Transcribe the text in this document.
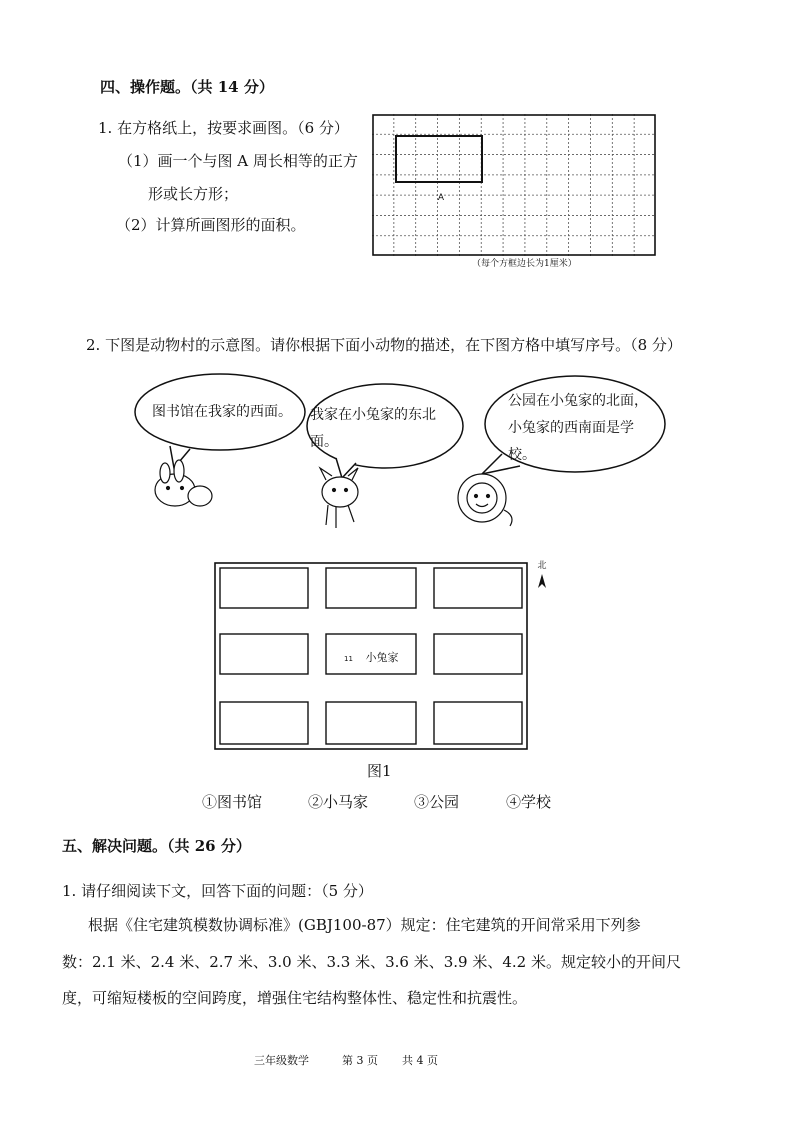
四、操作题。（共 14 分）
1. 在方格纸上，按要求画图。（6 分）
（1）画一个与图 A 周长相等的正方
形或长方形；
（2）计算所画图形的面积。
A
（每个方框边长为1厘米）
2. 下图是动物村的示意图。请你根据下面小动物的描述，在下图方格中填写序号。（8 分）
图书馆在我家的西面。 我家在小兔家的东北
面。
公园在小兔家的北面，
小兔家的西南面是学
校。
11 小兔家
北
图1
①图书馆	②小马家	③公园	④学校
五、解决问题。（共 26 分）
1. 请仔细阅读下文，回答下面的问题：（5 分）
根据《住宅建筑模数协调标准》(GBJ100-87）规定：住宅建筑的开间常采用下列参
数：2.1 米、2.4 米、2.7 米、3.0 米、3.3 米、3.6 米、3.9 米、4.2 米。规定较小的开间尺
度，可缩短楼板的空间跨度，增强住宅结构整体性、稳定性和抗震性。
三年级数学	第 3 页 共 4 页
